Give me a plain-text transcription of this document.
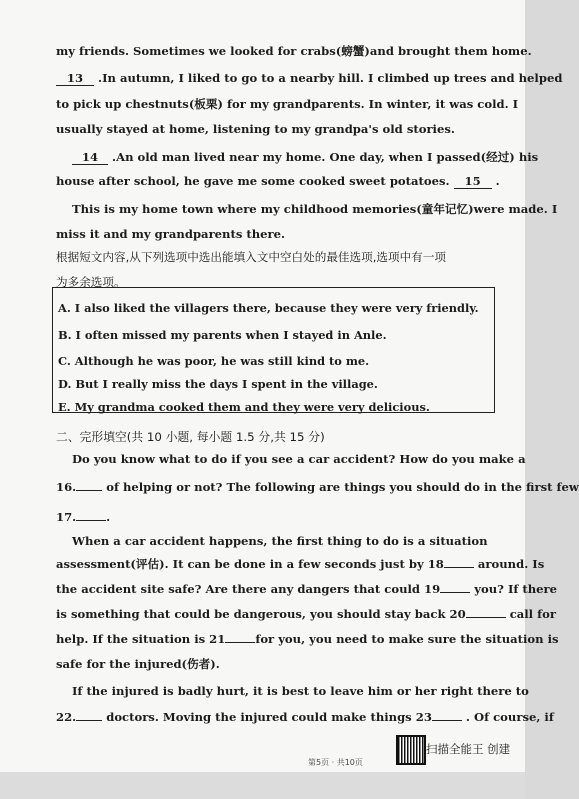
my friends. Sometimes we looked for crabs(螃蟹)and brought them home.
13 .In autumn, I liked to go to a nearby hill. I climbed up trees and helped
to pick up chestnuts(板栗) for my grandparents. In winter, it was cold. I
usually stayed at home, listening to my grandpa's old stories.
14 .An old man lived near my home. One day, when I passed(经过) his
house after school, he gave me some cooked sweet potatoes. 15 .
This is my home town where my childhood memories(童年记忆)were made. I
miss it and my grandparents there.
根据短文内容,从下列选项中选出能填入文中空白处的最佳选项,选项中有一项
为多余选项。
A. I also liked the villagers there, because they were very friendly.
B. I often missed my parents when I stayed in Anle.
C. Although he was poor, he was still kind to me.
D. But I really miss the days I spent in the village.
E. My grandma cooked them and they were very delicious.
二、完形填空(共 10 小题, 每小题 1.5 分,共 15 分)
Do you know what to do if you see a car accident? How do you make a
16. of helping or not? The following are things you should do in the first few
17.	.
When a car accident happens, the first thing to do is a situation
assessment(评估). It can be done in a few seconds just by 18	around. Is
the accident site safe? Are there any dangers that could 19	you? If there
is something that could be dangerous, you should stay back 20	call for
help. If the situation is 21	for you, you need to make sure the situation is
safe for the injured(伤者).
If the injured is badly hurt, it is best to leave him or her right there to
22. doctors. Moving the injured could make things 23	. Of course, if
第5页 · 共10页
扫描全能王 创建
